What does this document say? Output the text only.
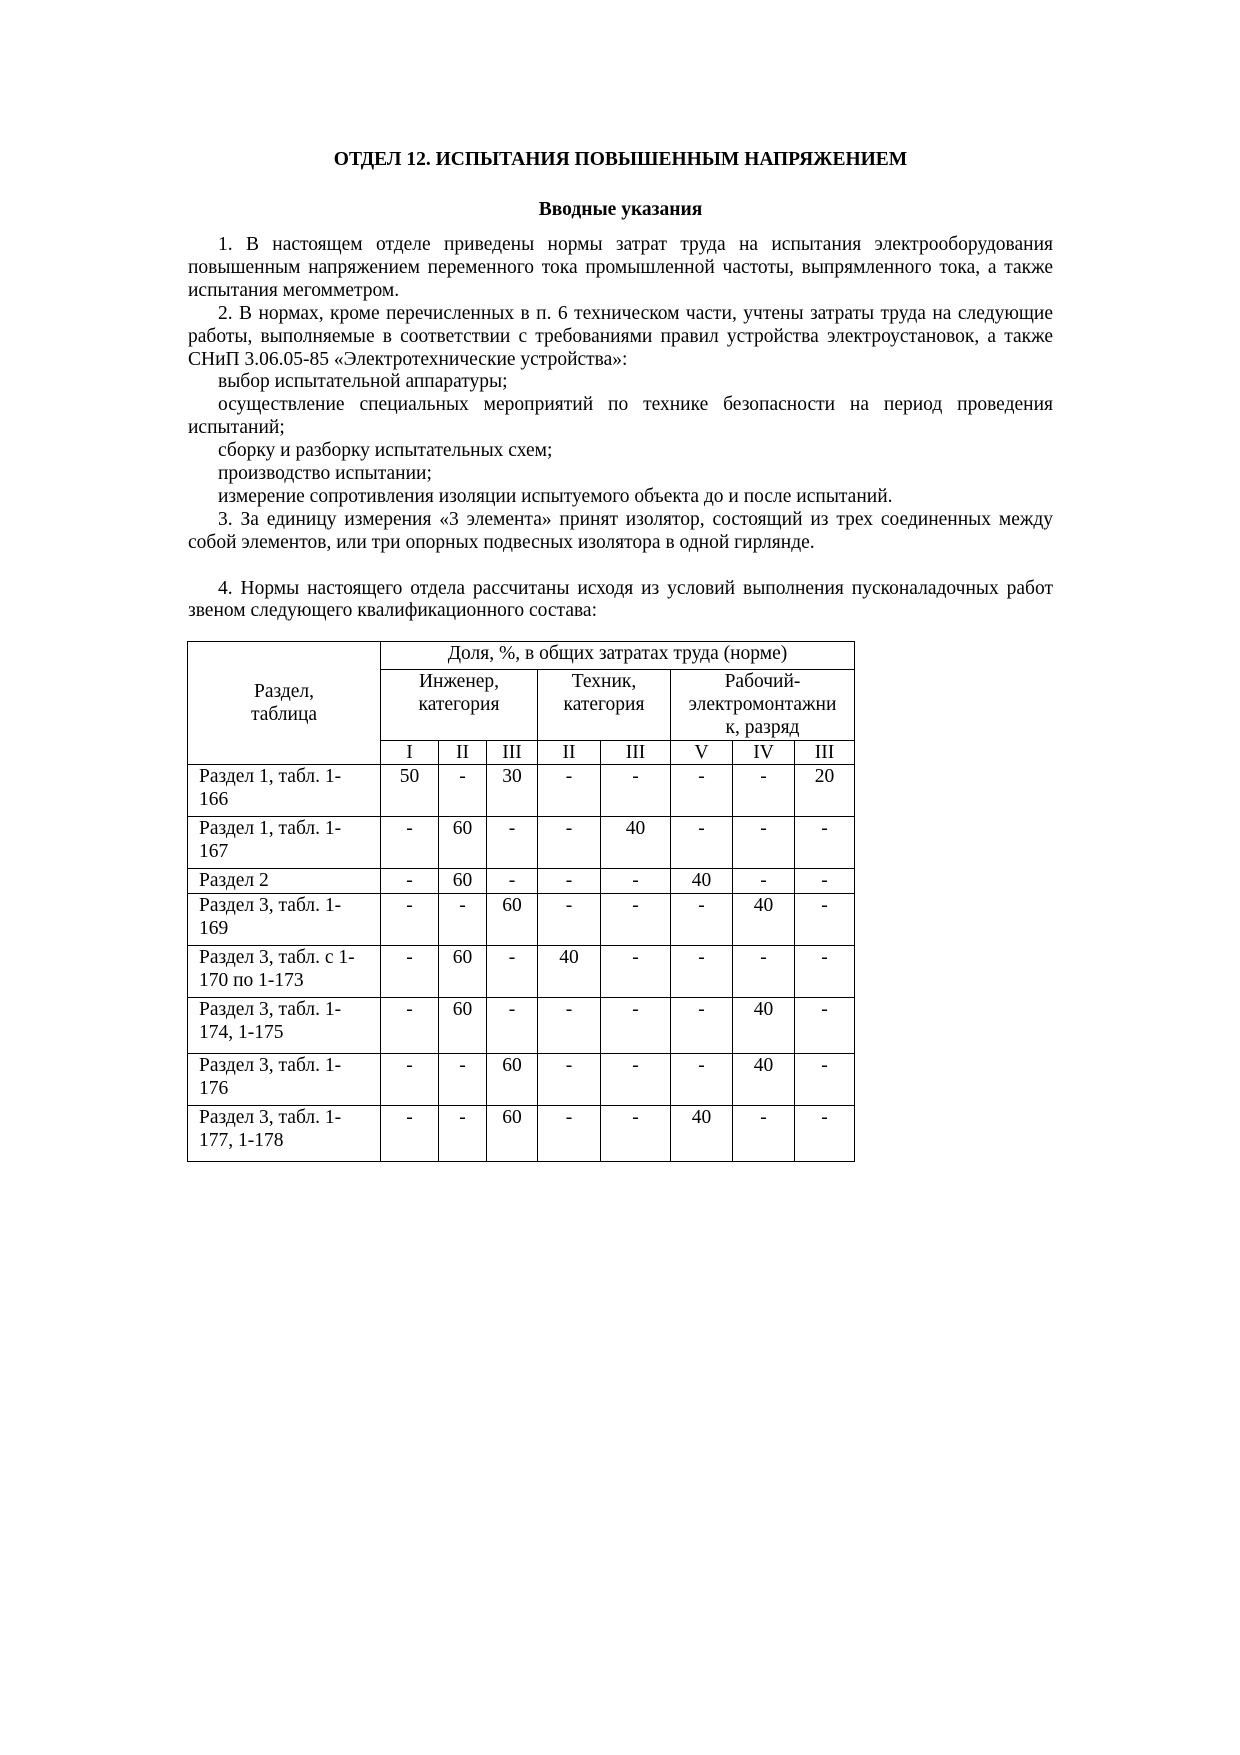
ОТДЕЛ 12. ИСПЫТАНИЯ ПОВЫШЕННЫМ НАПРЯЖЕНИЕМ
Вводные указания

1. В настоящем отделе приведены нормы затрат труда на испытания электрооборудования повышенным напряжением переменного тока промышленной частоты, выпрямленного тока, а также испытания мегомметром.

2. В нормах, кроме перечисленных в п. 6 техническом части, учтены затраты труда на следующие работы, выполняемые в соответствии с требованиями правил устройства электроустановок, а также СНиП 3.06.05-85 «Электротехнические устройства»:

выбор испытательной аппаратуры;

осуществление специальных мероприятий по технике безопасности на период проведения испытаний;

сборку и разборку испытательных схем;

производство испытании;

измерение сопротивления изоляции испытуемого объекта до и после испытаний.

3. За единицу измерения «3 элемента» принят изолятор, состоящий из трех соединенных между собой элементов, или три опорных подвесных изолятора в одной гирлянде.

4. Нормы настоящего отдела рассчитаны исходя из условий выполнения пусконаладочных работ звеном следующего квалификационного состава:

Раздел,
таблица	Доля, %, в общих затратах труда (норме)							
	Инженер,
категория			Техник,
категория		Рабочий-
электромонтажни
к, разряд		
	I	II	III	II	III	V	IV	III
Раздел 1, табл. 1-
166	50	-	30	-	-	-	-	20
Раздел 1, табл. 1-
167	-	60	-	-	40	-	-	-
Раздел 2	-	60	-	-	-	40	-	-
Раздел 3, табл. 1-
169	-	-	60	-	-	-	40	-
Раздел 3, табл. с 1-
170 по 1-173	-	60	-	40	-	-	-	-
Раздел 3, табл. 1-
174, 1-175	-	60	-	-	-	-	40	-
Раздел 3, табл. 1-
176	-	-	60	-	-	-	40	-
Раздел 3, табл. 1-
177, 1-178	-	-	60	-	-	40	-	-
